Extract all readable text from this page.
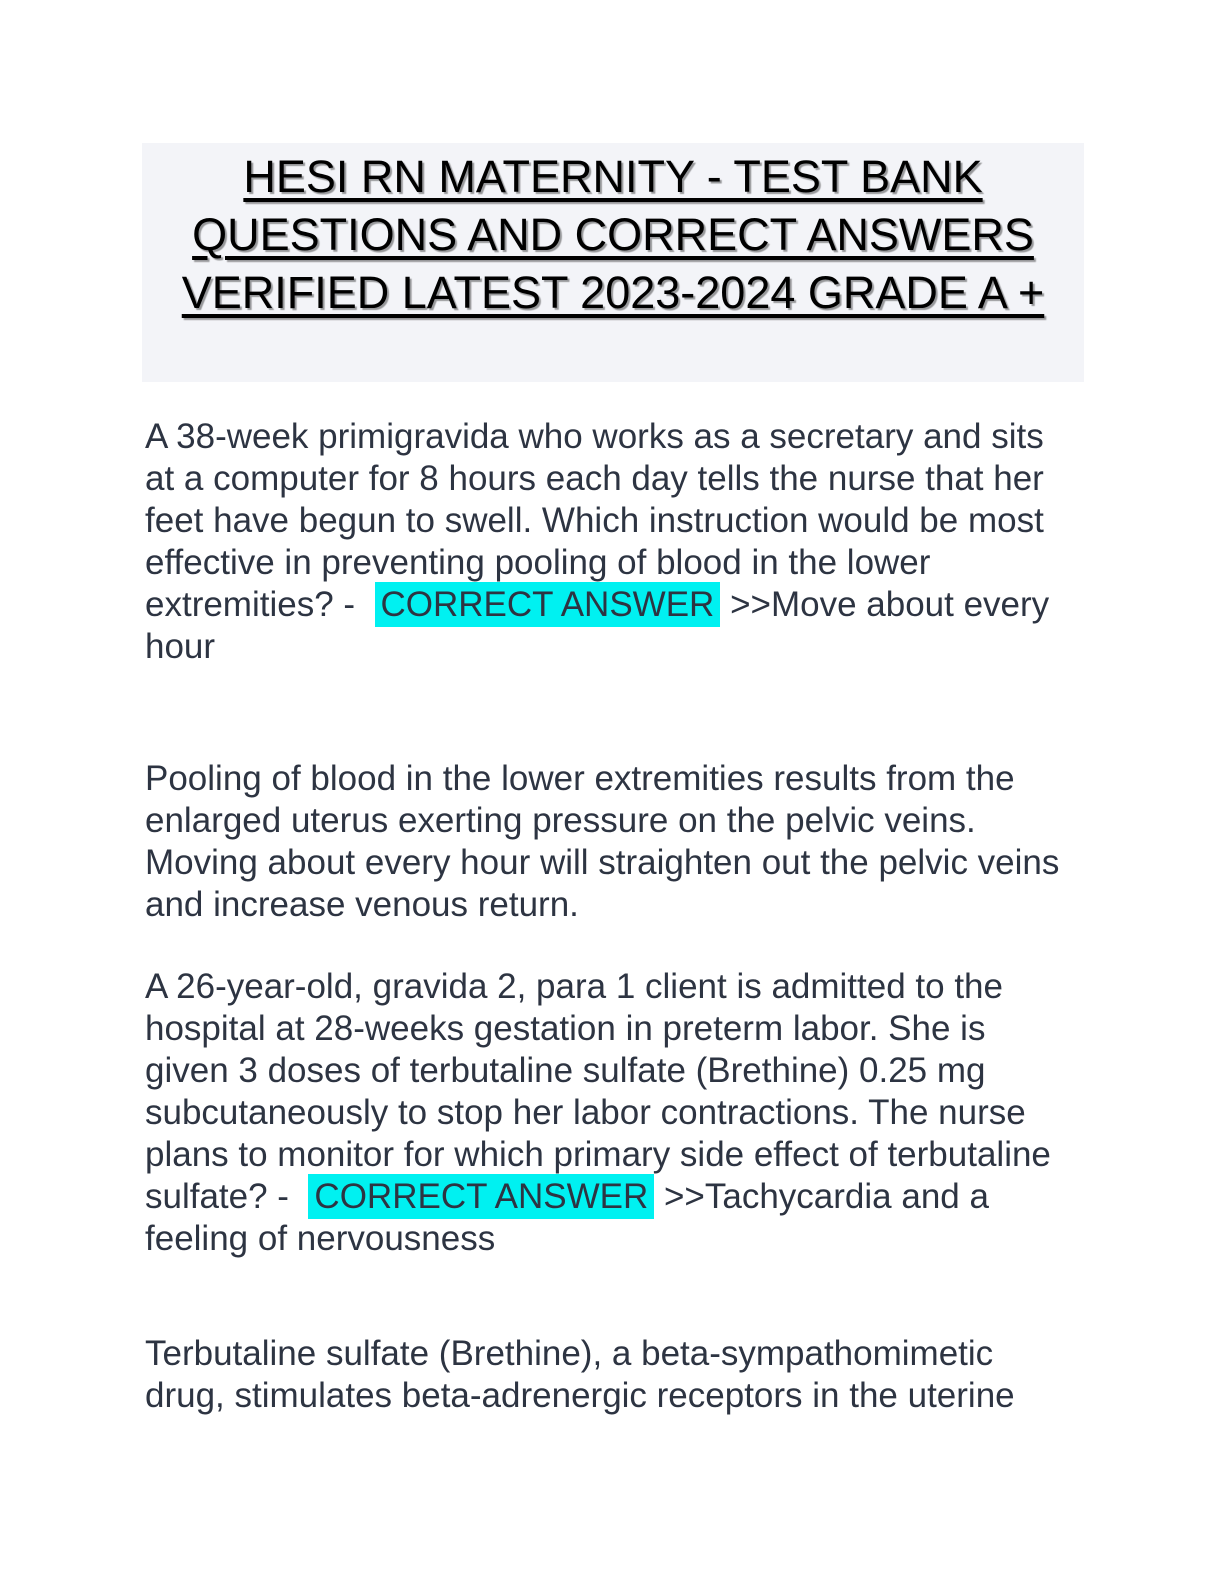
HESI RN MATERNITY - TEST BANK
QUESTIONS AND CORRECT ANSWERS
VERIFIED LATEST 2023-2024 GRADE A +

A 38-week primigravida who works as a secretary and sits at a computer for 8 hours each day tells the nurse that her feet have begun to swell. Which instruction would be most effective in preventing pooling of blood in the lower extremities? -  CORRECT ANSWER >>Move about every hour

Pooling of blood in the lower extremities results from the enlarged uterus exerting pressure on the pelvic veins. Moving about every hour will straighten out the pelvic veins and increase venous return.

A 26-year-old, gravida 2, para 1 client is admitted to the hospital at 28-weeks gestation in preterm labor. She is given 3 doses of terbutaline sulfate (Brethine) 0.25 mg subcutaneously to stop her labor contractions. The nurse plans to monitor for which primary side effect of terbutaline sulfate? -  CORRECT ANSWER >>Tachycardia and a feeling of nervousness

Terbutaline sulfate (Brethine), a beta-sympathomimetic drug, stimulates beta-adrenergic receptors in the uterine
